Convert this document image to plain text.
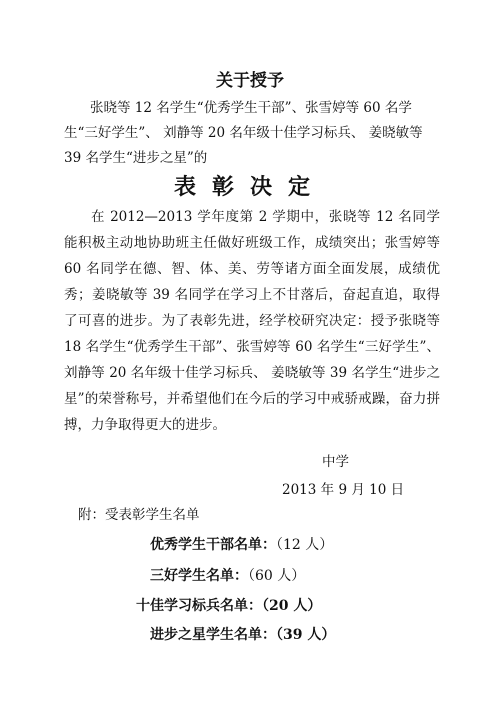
关于授予
张晓等 12 名学生“优秀学生干部”、张雪婷等 60 名学生“三好学生”、 刘静等 20 名年级十佳学习标兵、 姜晓敏等 39 名学生“进步之星”的
表彰决定
在 2012—2013 学年度第 2 学期中，张晓等 12 名同学能积极主动地协助班主任做好班级工作，成绩突出；张雪婷等 60 名同学在德、智、体、美、劳等诸方面全面发展，成绩优秀；姜晓敏等 39 名同学在学习上不甘落后，奋起直追，取得了可喜的进步。为了表彰先进，经学校研究决定：授予张晓等 18 名学生“优秀学生干部”、张雪婷等 60 名学生“三好学生”、 刘静等 20 名年级十佳学习标兵、 姜晓敏等 39 名学生“进步之星”的荣誉称号，并希望他们在今后的学习中戒骄戒躁，奋力拼搏，力争取得更大的进步。
中学
2013 年 9 月 10 日
附：受表彰学生名单
优秀学生干部名单：（12 人）
三好学生名单：（60 人）
十佳学习标兵名单：（20 人）
进步之星学生名单：（39 人）
